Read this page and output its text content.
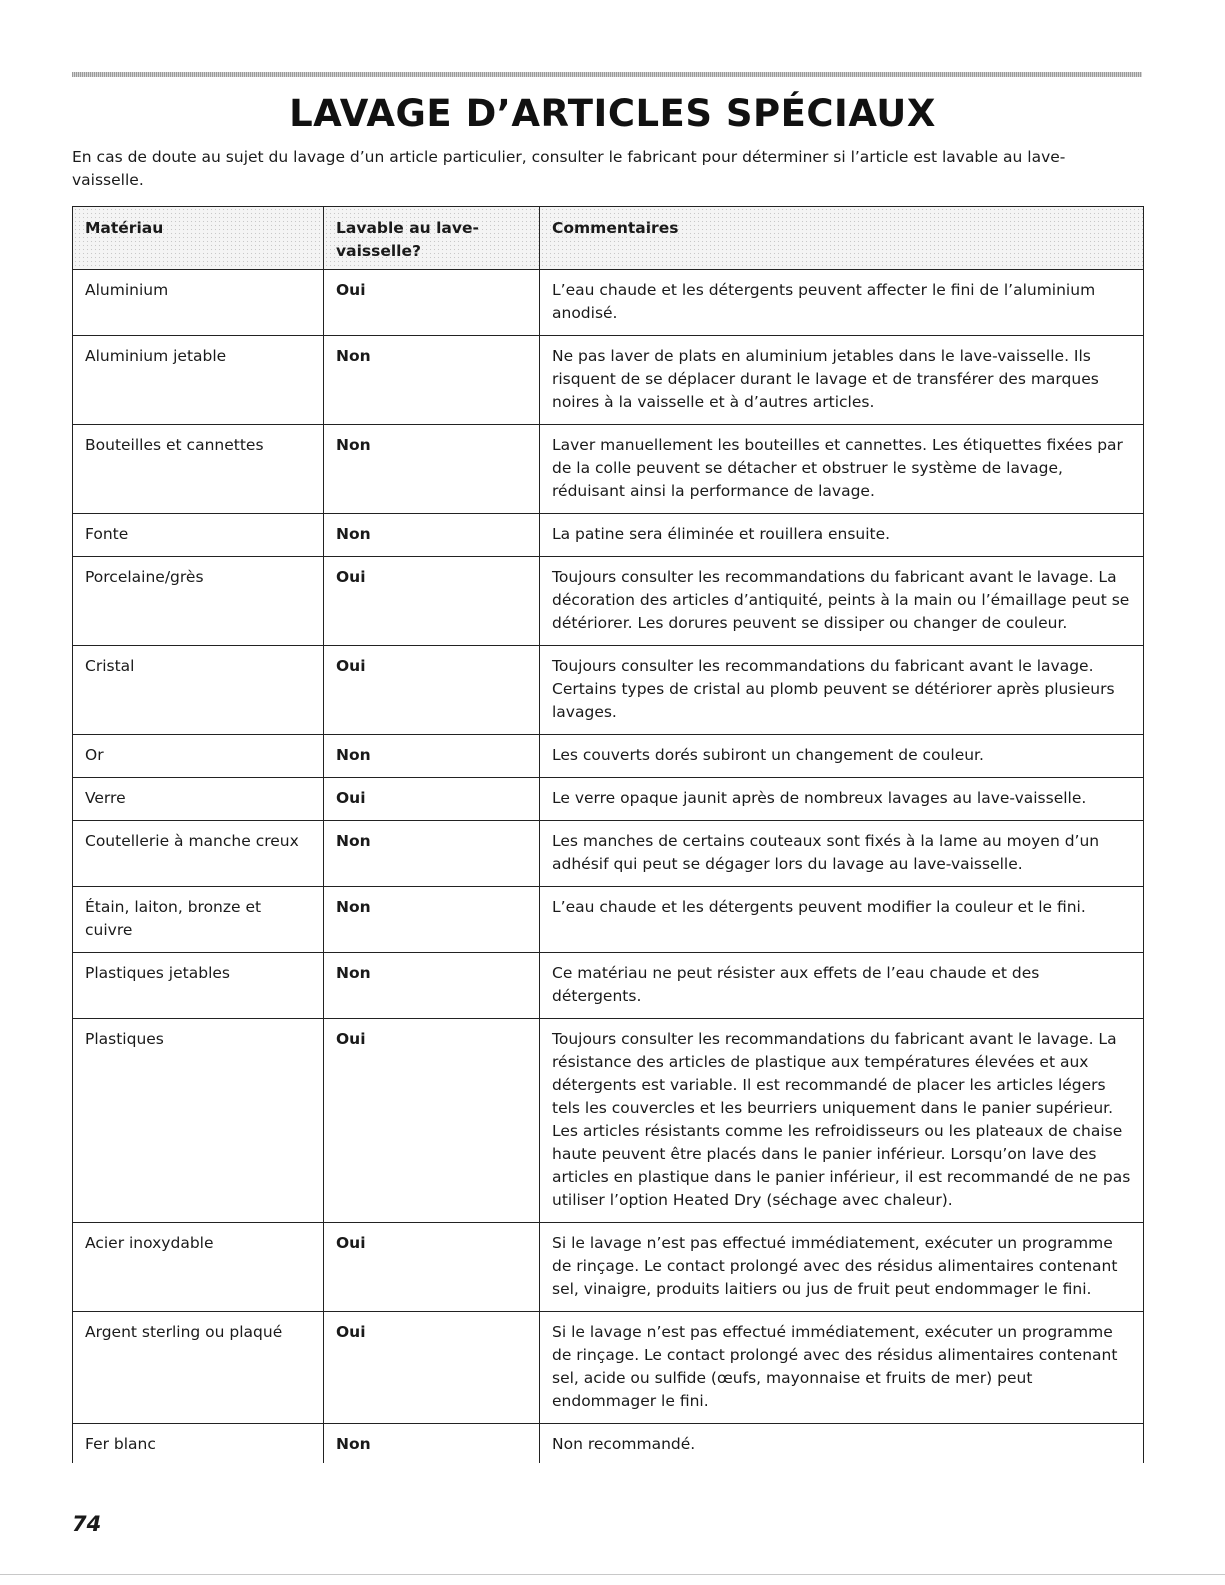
LAVAGE D’ARTICLES SPÉCIAUX

En cas de doute au sujet du lavage d’un article particulier, consulter le fabricant pour déterminer si l’article est lavable au lave-vaisselle.

Matériau	Lavable au lave-vaisselle?	Commentaires
Aluminium	Oui	L’eau chaude et les détergents peuvent affecter le fini de l’aluminium anodisé.
Aluminium jetable	Non	Ne pas laver de plats en aluminium jetables dans le lave-vaisselle. Ils risquent de se déplacer durant le lavage et de transférer des marques noires à la vaisselle et à d’autres articles.
Bouteilles et cannettes	Non	Laver manuellement les bouteilles et cannettes. Les étiquettes fixées par de la colle peuvent se détacher et obstruer le système de lavage, réduisant ainsi la performance de lavage.
Fonte	Non	La patine sera éliminée et rouillera ensuite.
Porcelaine/grès	Oui	Toujours consulter les recommandations du fabricant avant le lavage. La décoration des articles d’antiquité, peints à la main ou l’émaillage peut se détériorer. Les dorures peuvent se dissiper ou changer de couleur.
Cristal	Oui	Toujours consulter les recommandations du fabricant avant le lavage. Certains types de cristal au plomb peuvent se détériorer après plusieurs lavages.
Or	Non	Les couverts dorés subiront un changement de couleur.
Verre	Oui	Le verre opaque jaunit après de nombreux lavages au lave-vaisselle.
Coutellerie à manche creux	Non	Les manches de certains couteaux sont fixés à la lame au moyen d’un adhésif qui peut se dégager lors du lavage au lave-vaisselle.
Étain, laiton, bronze et cuivre	Non	L’eau chaude et les détergents peuvent modifier la couleur et le fini.
Plastiques jetables	Non	Ce matériau ne peut résister aux effets de l’eau chaude et des détergents.
Plastiques	Oui	Toujours consulter les recommandations du fabricant avant le lavage. La résistance des articles de plastique aux températures élevées et aux détergents est variable. Il est recommandé de placer les articles légers tels les couvercles et les beurriers uniquement dans le panier supérieur. Les articles résistants comme les refroidisseurs ou les plateaux de chaise haute peuvent être placés dans le panier inférieur. Lorsqu’on lave des articles en plastique dans le panier inférieur, il est recommandé de ne pas utiliser l’option Heated Dry (séchage avec chaleur).
Acier inoxydable	Oui	Si le lavage n’est pas effectué immédiatement, exécuter un programme de rinçage. Le contact prolongé avec des résidus alimentaires contenant sel, vinaigre, produits laitiers ou jus de fruit peut endommager le fini.
Argent sterling ou plaqué	Oui	Si le lavage n’est pas effectué immédiatement, exécuter un programme de rinçage. Le contact prolongé avec des résidus alimentaires contenant sel, acide ou sulfide (œufs, mayonnaise et fruits de mer) peut endommager le fini.
Fer blanc	Non	Non recommandé.

74
